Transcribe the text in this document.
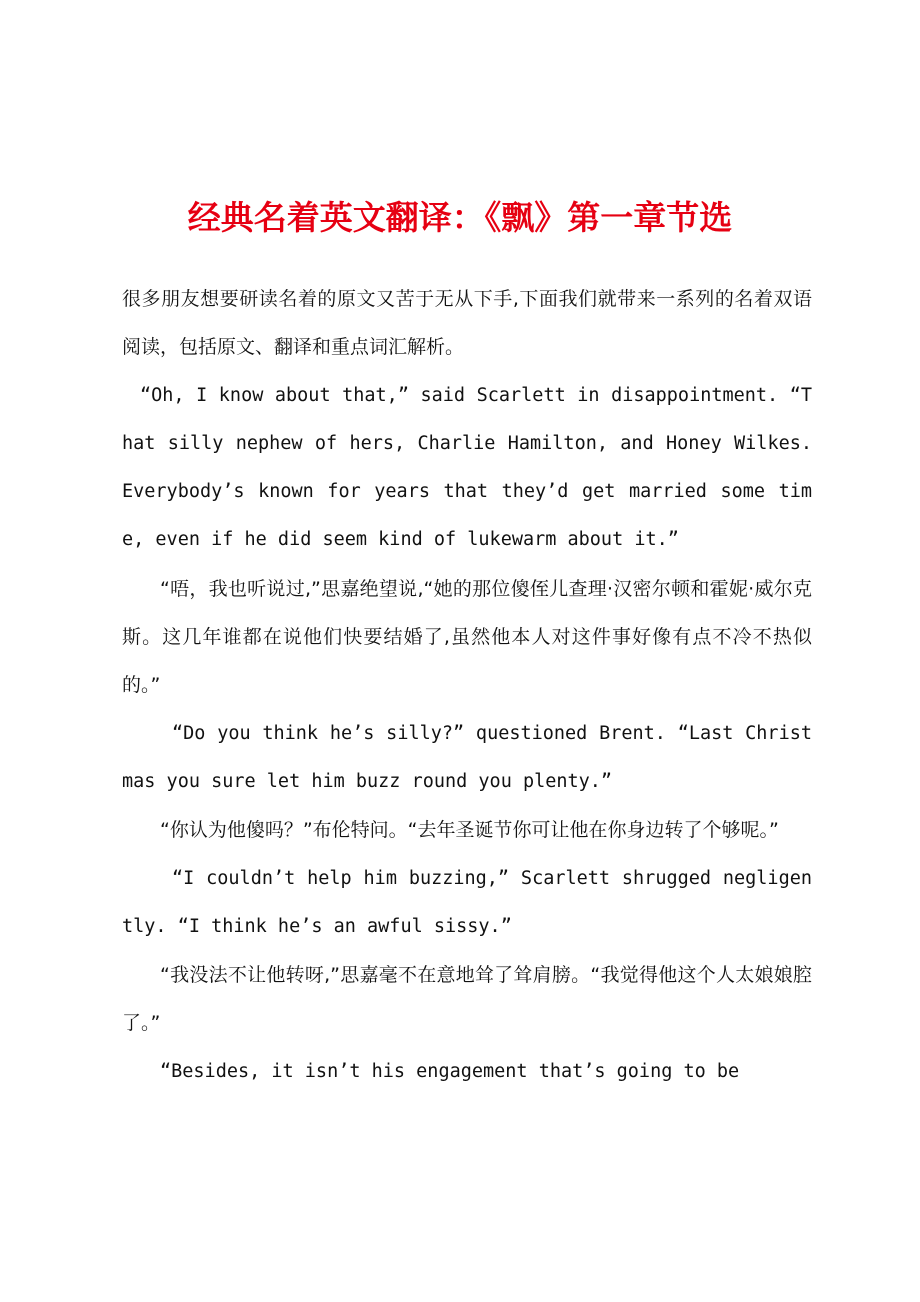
经典名着英文翻译：《飘》第一章节选

很多朋友想要研读名着的原文又苦于无从下手,下面我们就带来一系列的名着双语阅读，包括原文、翻译和重点词汇解析。

“Oh, I know about that,” said Scarlett in disappointment. “That silly nephew of hers, Charlie Hamilton, and Honey Wilkes. Everybody’s known for years that they’d get married some time, even if he did seem kind of lukewarm about it.”

“唔，我也听说过,”思嘉绝望说,“她的那位傻侄儿查理·汉密尔顿和霍妮·威尔克斯。这几年谁都在说他们快要结婚了,虽然他本人对这件事好像有点不冷不热似的。”

“Do you think he’s silly?” questioned Brent. “Last Christmas you sure let him buzz round you plenty.”

“你认为他傻吗？”布伦特问。“去年圣诞节你可让他在你身边转了个够呢。”

“I couldn’t help him buzzing,” Scarlett shrugged negligently. “I think he’s an awful sissy.”

“我没法不让他转呀,”思嘉毫不在意地耸了耸肩膀。“我觉得他这个人太娘娘腔了。”

“Besides, it isn’t his engagement that’s going to be
